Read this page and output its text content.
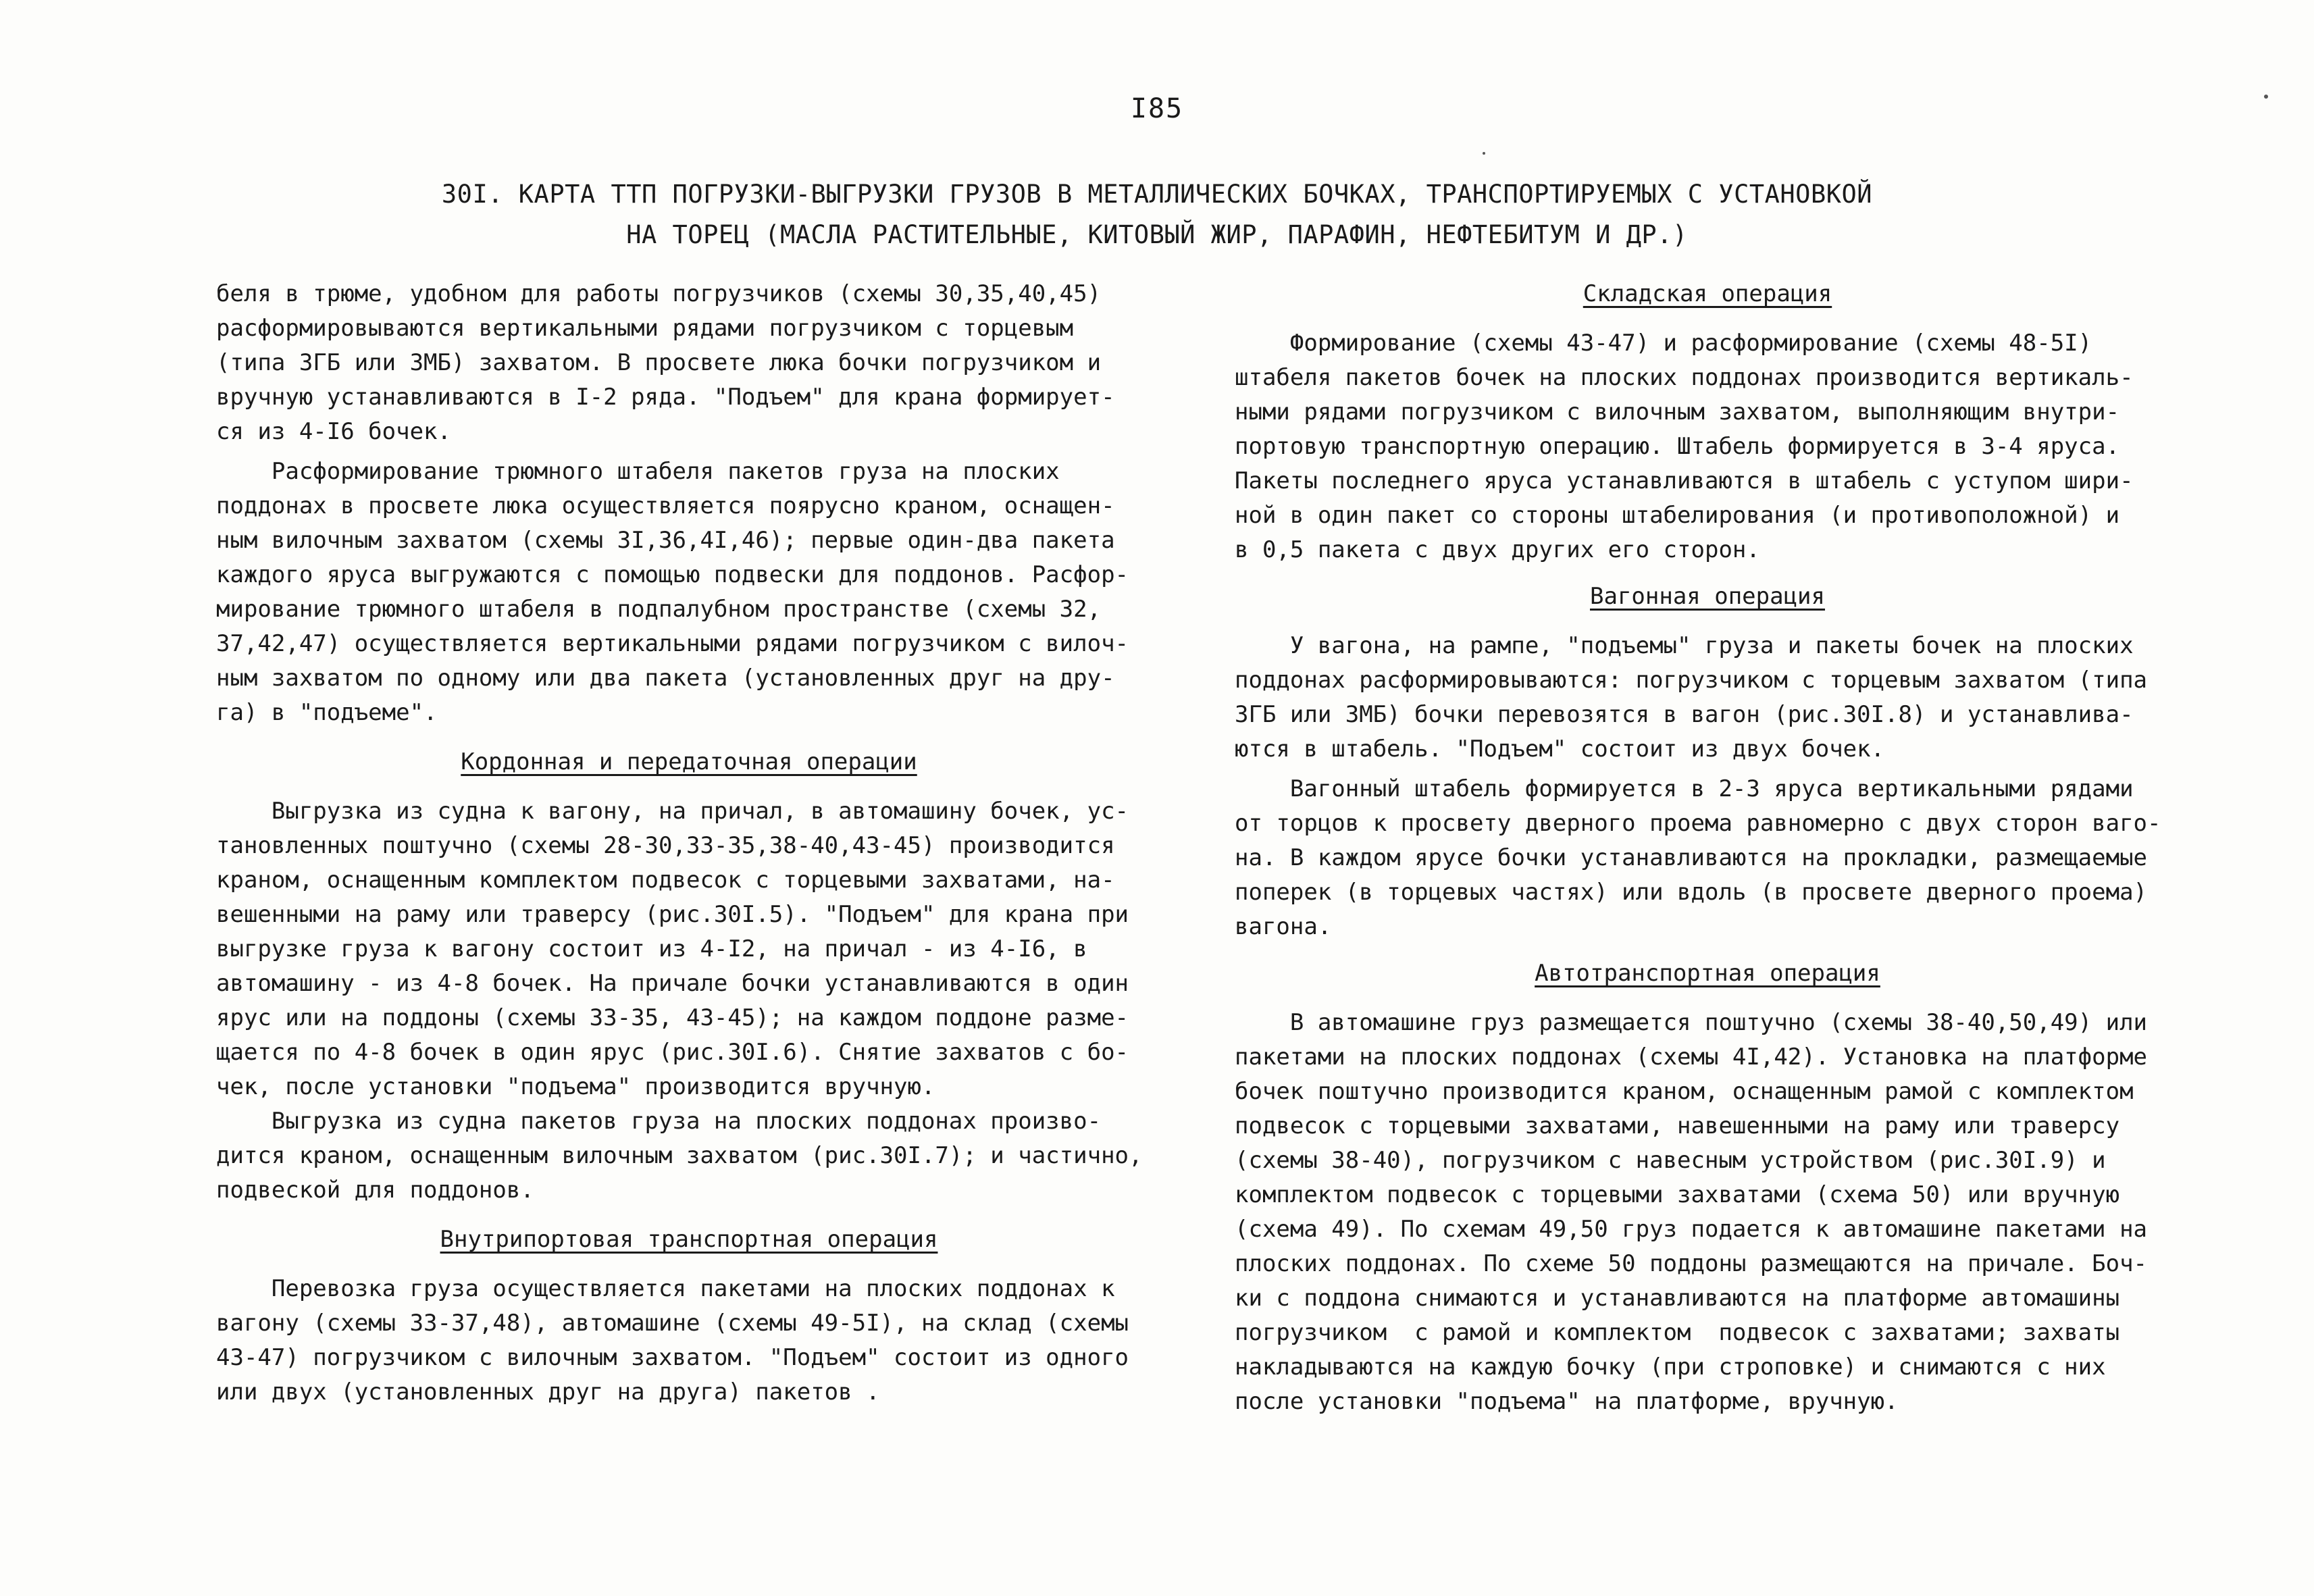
I85
30I. КАРТА ТТП ПОГРУЗКИ-ВЫГРУЗКИ ГРУЗОВ В МЕТАЛЛИЧЕСКИХ БОЧКАХ, ТРАНСПОРТИРУЕМЫХ С УСТАНОВКОЙ
НА ТОРЕЦ (МАСЛА РАСТИТЕЛЬНЫЕ, КИТОВЫЙ ЖИР, ПАРАФИН, НЕФТЕБИТУМ И ДР.)
беля в трюме, удобном для работы погрузчиков (схемы 30,35,40,45)
расформировываются вертикальными рядами погрузчиком с торцевым
(типа ЗГБ или ЗМБ) захватом. В просвете люка бочки погрузчиком и
вручную устанавливаются в I-2 ряда. "Подъем" для крана формирует-
ся из 4-I6 бочек.
Расформирование трюмного штабеля пакетов груза на плоских
поддонах в просвете люка осуществляется поярусно краном, оснащен-
ным вилочным захватом (схемы 3I,36,4I,46); первые один-два пакета
каждого яруса выгружаются с помощью подвески для поддонов. Расфор-
мирование трюмного штабеля в подпалубном пространстве (схемы 32,
37,42,47) осуществляется вертикальными рядами погрузчиком с вилоч-
ным захватом по одному или два пакета (установленных друг на дру-
га) в "подъеме".
Кордонная и передаточная операции
Выгрузка из судна к вагону, на причал, в автомашину бочек, ус-
тановленных поштучно (схемы 28-30,33-35,38-40,43-45) производится
краном, оснащенным комплектом подвесок с торцевыми захватами, на-
вешенными на раму или траверсу (рис.30I.5). "Подъем" для крана при
выгрузке груза к вагону состоит из 4-I2, на причал - из 4-I6, в
автомашину - из 4-8 бочек. На причале бочки устанавливаются в один
ярус или на поддоны (схемы 33-35, 43-45); на каждом поддоне разме-
щается по 4-8 бочек в один ярус (рис.30I.6). Снятие захватов с бо-
чек, после установки "подъема" производится вручную.
Выгрузка из судна пакетов груза на плоских поддонах произво-
дится краном, оснащенным вилочным захватом (рис.30I.7); и частично,
подвеской для поддонов.
Внутрипортовая транспортная операция
Перевозка груза осуществляется пакетами на плоских поддонах к
вагону (схемы 33-37,48), автомашине (схемы 49-5I), на склад (схемы
43-47) погрузчиком с вилочным захватом. "Подъем" состоит из одного
или двух (установленных друг на друга) пакетов .
Складская операция
Формирование (схемы 43-47) и расформирование (схемы 48-5I)
штабеля пакетов бочек на плоских поддонах производится вертикаль-
ными рядами погрузчиком с вилочным захватом, выполняющим внутри-
портовую транспортную операцию. Штабель формируется в 3-4 яруса.
Пакеты последнего яруса устанавливаются в штабель с уступом шири-
ной в один пакет со стороны штабелирования (и противоположной) и
в 0,5 пакета с двух других его сторон.
Вагонная операция
У вагона, на рампе, "подъемы" груза и пакеты бочек на плоских
поддонах расформировываются: погрузчиком с торцевым захватом (типа
ЗГБ или ЗМБ) бочки перевозятся в вагон (рис.30I.8) и устанавлива-
ются в штабель. "Подъем" состоит из двух бочек.
Вагонный штабель формируется в 2-3 яруса вертикальными рядами
от торцов к просвету дверного проема равномерно с двух сторон ваго-
на. В каждом ярусе бочки устанавливаются на прокладки, размещаемые
поперек (в торцевых частях) или вдоль (в просвете дверного проема)
вагона.
Автотранспортная операция
В автомашине груз размещается поштучно (схемы 38-40,50,49) или
пакетами на плоских поддонах (схемы 4I,42). Установка на платформе
бочек поштучно производится краном, оснащенным рамой с комплектом
подвесок с торцевыми захватами, навешенными на раму или траверсу
(схемы 38-40), погрузчиком с навесным устройством (рис.30I.9) и
комплектом подвесок с торцевыми захватами (схема 50) или вручную
(схема 49). По схемам 49,50 груз подается к автомашине пакетами на
плоских поддонах. По схеме 50 поддоны размещаются на причале. Боч-
ки с поддона снимаются и устанавливаются на платформе автомашины
погрузчиком  с рамой и комплектом  подвесок с захватами; захваты
накладываются на каждую бочку (при строповке) и снимаются с них
после установки "подъема" на платформе, вручную.
